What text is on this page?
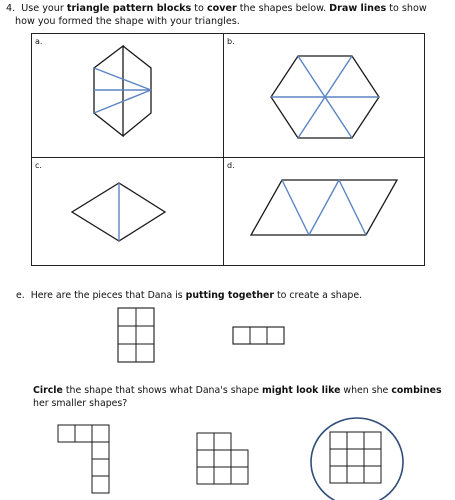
4. Use your triangle pattern blocks to cover the shapes below. Draw lines to show
how you formed the shape with your triangles.
a.	b.
c.	d.
e. Here are the pieces that Dana is putting together to create a shape.
Circle the shape that shows what Dana's shape might look like when she combines
her smaller shapes?
